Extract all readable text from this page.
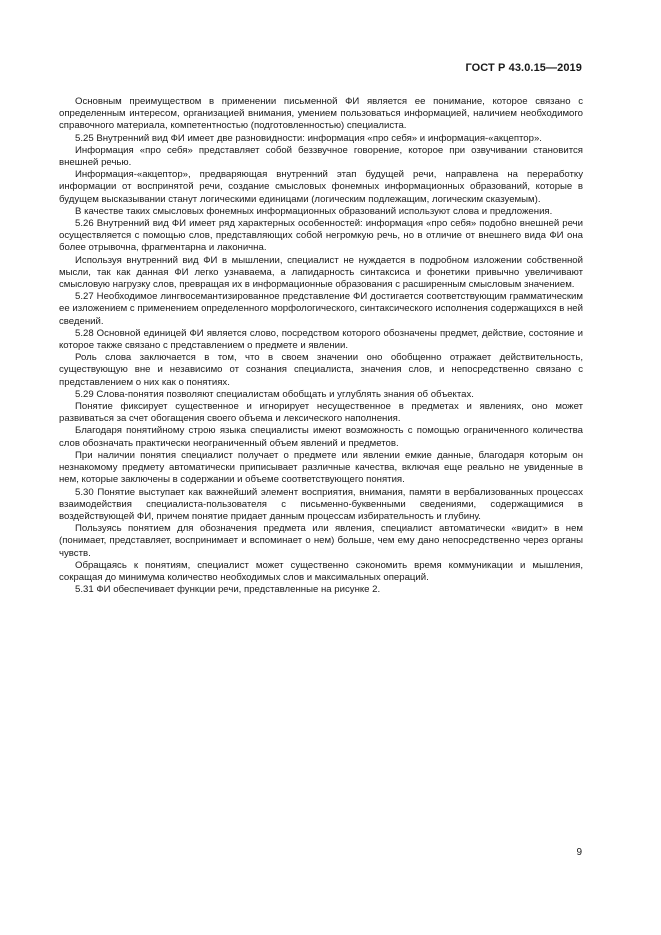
ГОСТ Р 43.0.15—2019

Основным преимуществом в применении письменной ФИ является ее понимание, которое связано с определенным интересом, организацией внимания, умением пользоваться информацией, наличием необходимого справочного материала, компетентностью (подготовленностью) специалиста.

5.25 Внутренний вид ФИ имеет две разновидности: информация «про себя» и информация-«акцептор».

Информация «про себя» представляет собой беззвучное говорение, которое при озвучивании становится внешней речью.

Информация-«акцептор», предваряющая внутренний этап будущей речи, направлена на переработку информации от воспринятой речи, создание смысловых фонемных информационных образований, которые в будущем высказывании станут логическими единицами (логическим подлежащим, логическим сказуемым).

В качестве таких смысловых фонемных информационных образований используют слова и предложения.

5.26 Внутренний вид ФИ имеет ряд характерных особенностей: информация «про себя» подобно внешней речи осуществляется с помощью слов, представляющих собой негромкую речь, но в отличие от внешнего вида ФИ она более отрывочна, фрагментарна и лаконична.

Используя внутренний вид ФИ в мышлении, специалист не нуждается в подробном изложении собственной мысли, так как данная ФИ легко узнаваема, а лапидарность синтаксиса и фонетики привычно увеличивают смысловую нагрузку слов, превращая их в информационные образования с расширенным смысловым значением.

5.27 Необходимое лингвосемантизированное представление ФИ достигается соответствующим грамматическим ее изложением с применением определенного морфологического, синтаксического исполнения содержащихся в ней сведений.

5.28 Основной единицей ФИ является слово, посредством которого обозначены предмет, действие, состояние и которое также связано с представлением о предмете и явлении.

Роль слова заключается в том, что в своем значении оно обобщенно отражает действительность, существующую вне и независимо от сознания специалиста, значения слов, и непосредственно связано с представлением о них как о понятиях.

5.29 Слова-понятия позволяют специалистам обобщать и углублять знания об объектах.

Понятие фиксирует существенное и игнорирует несущественное в предметах и явлениях, оно может развиваться за счет обогащения своего объема и лексического наполнения.

Благодаря понятийному строю языка специалисты имеют возможность с помощью ограниченного количества слов обозначать практически неограниченный объем явлений и предметов.

При наличии понятия специалист получает о предмете или явлении емкие данные, благодаря которым он незнакомому предмету автоматически приписывает различные качества, включая еще реально не увиденные в нем, которые заключены в содержании и объеме соответствующего понятия.

5.30 Понятие выступает как важнейший элемент восприятия, внимания, памяти в вербализованных процессах взаимодействия специалиста-пользователя с письменно-буквенными сведениями, содержащимися в воздействующей ФИ, причем понятие придает данным процессам избирательность и глубину.

Пользуясь понятием для обозначения предмета или явления, специалист автоматически «видит» в нем (понимает, представляет, воспринимает и вспоминает о нем) больше, чем ему дано непосредственно через органы чувств.

Обращаясь к понятиям, специалист может существенно сэкономить время коммуникации и мышления, сокращая до минимума количество необходимых слов и максимальных операций.

5.31 ФИ обеспечивает функции речи, представленные на рисунке 2.

9
